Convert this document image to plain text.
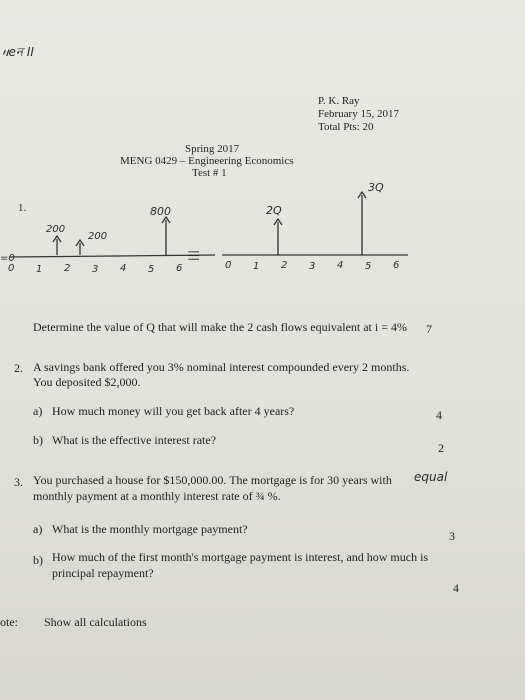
ዛeন II
P. K. Ray
February 15, 2017
Total Pts: 20
Spring 2017
MENG 0429 – Engineering Economics
Test # 1
1.
=0
0 1 2 3 4 5 6
200
200
800
|||
0 1 2 3 4 5 6
2Q
3Q
Determine the value of Q that will make the 2 cash flows equivalent at i = 4% 7
2. A savings bank offered you 3% nominal interest compounded every 2 months.
You deposited $2,000.
a) How much money will you get back after 4 years?	4
b) What is the effective interest rate?
2
3. You purchased a house for $150,000.00. The mortgage is for 30 years with equal
monthly payment at a monthly interest rate of ¾ %.
a) What is the monthly mortgage payment?	3
b) How much of the first month's mortgage payment is interest, and how much is
principal repayment?
4
ote: Show all calculations
